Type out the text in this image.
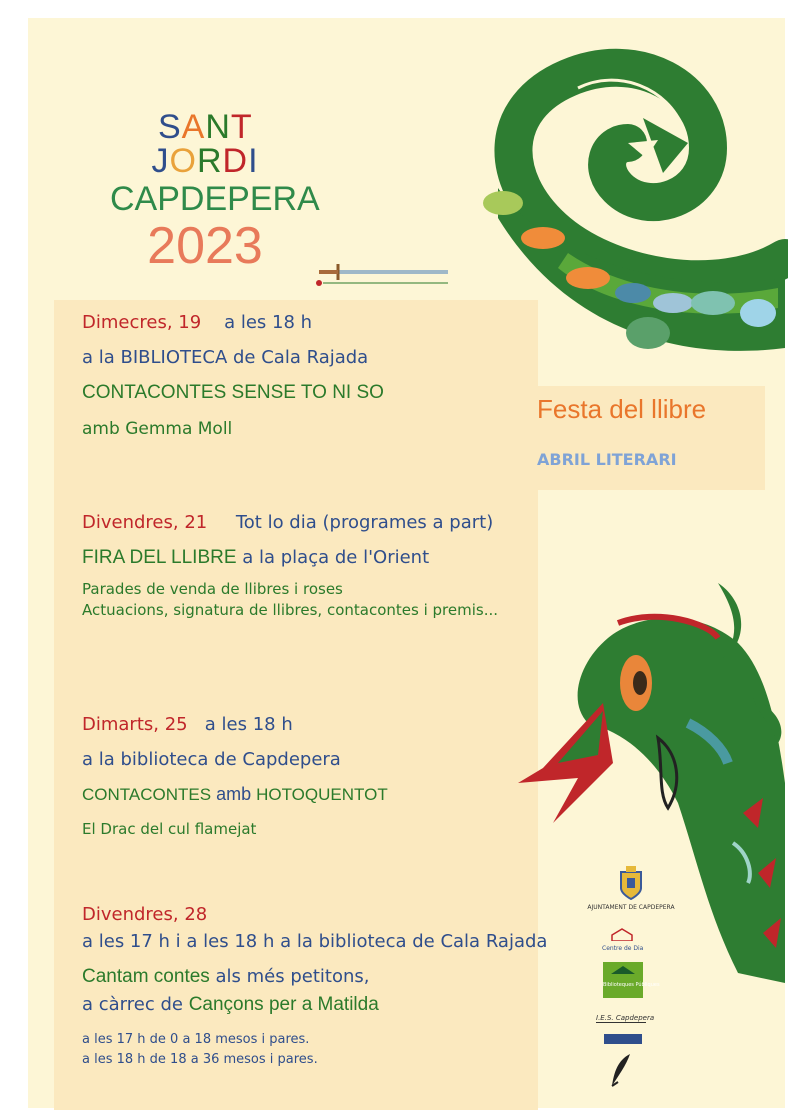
SANT JORDI
CAPDEPERA
2023
Dimecres, 19 a les 18 h
a la BIBLIOTECA de Cala Rajada
CONTACONTES SENSE TO NI SO
amb Gemma Moll
Divendres, 21 Tot lo dia (programes a part)
FIRA DEL LLIBRE a la plaça de l'Orient
Parades de venda de llibres i roses
Actuacions, signatura de llibres, contacontes i premis...
Dimarts, 25 a les 18 h
a la biblioteca de Capdepera
CONTACONTES amb HOTOQUENTOT
El Drac del cul flamejat
Divendres, 28
a les 17 h i a les 18 h a la biblioteca de Cala Rajada
Cantam contes als més petitons,
a càrrec de Cançons per a Matilda
a les 17 h de 0 a 18 mesos i pares.
a les 18 h de 18 a 36 mesos i pares.
Festa del llibre
ABRIL LITERARI
AJUNTAMENT DE CAPDEPERA
Centre de Dia
Biblioteques Públiques
I.E.S. Capdepera
